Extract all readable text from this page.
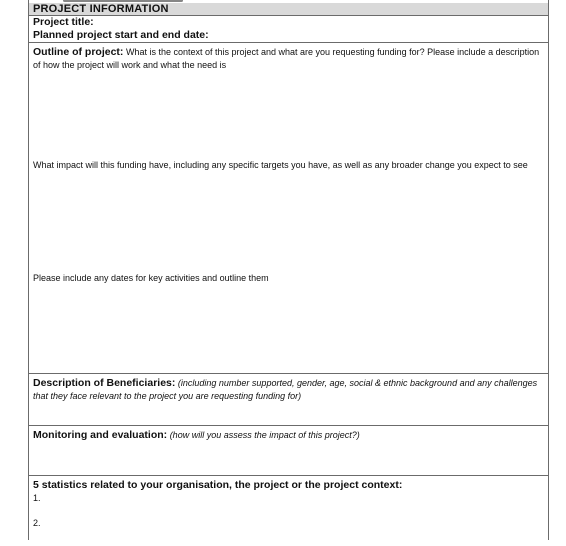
PROJECT INFORMATION
Project title:
Planned project start and end date:

Outline of project: What is the context of this project and what are you requesting funding for? Please include a description of how the project will work and what the need is

What impact will this funding have, including any specific targets you have, as well as any broader change you expect to see
Please include any dates for key activities and outline them

Description of Beneficiaries: (including number supported, gender, age, social & ethnic background and any challenges that they face relevant to the project you are requesting funding for)

Monitoring and evaluation: (how will you assess the impact of this project?)

5 statistics related to your organisation, the project or the project context:
1.
2.
